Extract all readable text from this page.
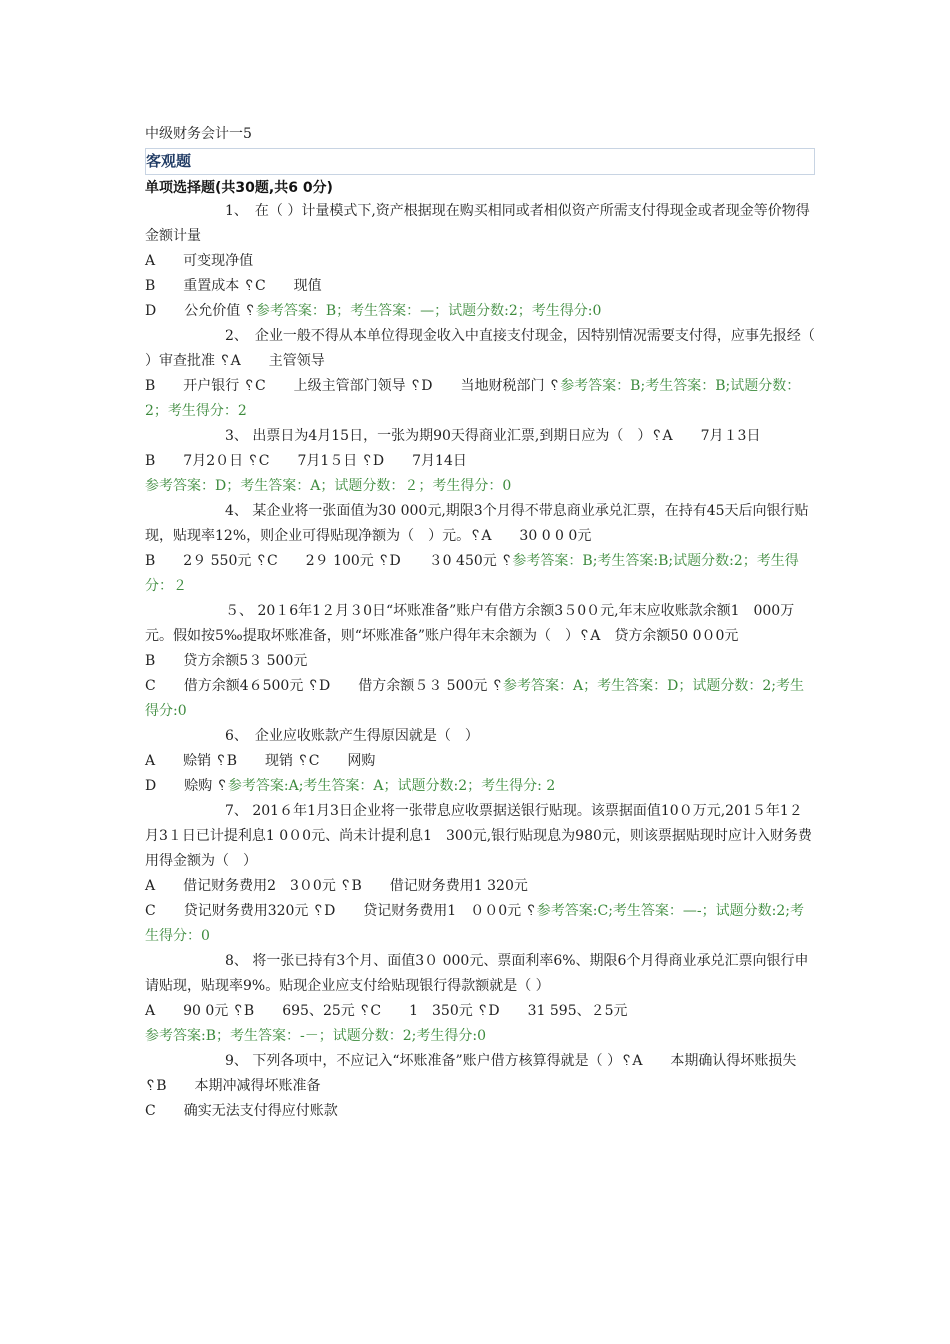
中级财务会计一5
客观题
单项选择题(共30题,共6 0分)

1、　在（ ）计量模式下,资产根据现在购买相同或者相似资产所需支付得现金或者现金等价物得金额计量

A　　可变现净值

B　　重置成本 ␦C　　现值

D　　公允价值 ␦参考答案：B；考生答案：—；试题分数:2；考生得分:0

2、　企业一般不得从本单位得现金收入中直接支付现金，因特别情况需要支付得，应事先报经（ ）审查批准 ␦A　　主管领导

B　　开户银行 ␦C　　上级主管部门领导 ␦D　　当地财税部门 ␦参考答案：B;考生答案：B;试题分数：2；考生得分：2

3、 出票日为4月15日，一张为期90天得商业汇票,到期日应为（　）␦A　　7月１3日

B　　7月2０日 ␦C　　7月1５日 ␦D　　7月14日

参考答案：D；考生答案：A；试题分数：２；考生得分：0

4、 某企业将一张面值为30 000元,期限3个月得不带息商业承兑汇票，在持有45天后向银行贴现，贴现率12%，则企业可得贴现净额为（　）元。␦A　　30 0 0 0元

B　　2９ 550元 ␦C　　2９ 100元 ␦D　　３0 450元 ␦参考答案：B;考生答案:B;试题分数:2；考生得分：２

５、 20１6年1２月３0日“坏账准备”账户有借方余额3５0０元,年末应收账款余额1　000万元。假如按5‰提取坏账准备，则“坏账准备”账户得年末余额为（　）␦A　贷方余额50 0０0元

B　　贷方余额5３ 500元

C　　借方余额4６500元 ␦D　　借方余额５３ 500元 ␦参考答案：A；考生答案：D；试题分数：2;考生得分:0

6、　企业应收账款产生得原因就是（　）

A　　赊销 ␦B　　现销 ␦C　　网购

D　　赊购 ␦参考答案:A;考生答案：A；试题分数:2；考生得分: 2

7、 201６年1月3日企业将一张带息应收票据送银行贴现。该票据面值10０万元,201５年1２月3１日已计提利息1 0０0元、尚未计提利息1　300元,银行贴现息为980元，则该票据贴现时应计入财务费用得金额为（　）

A　　借记财务费用2　3０0元 ␦B　　借记财务费用1 320元

C　　贷记财务费用320元 ␦D　　贷记财务费用1　００0元 ␦参考答案:C;考生答案：—-；试题分数:2;考生得分：0

8、 将一张已持有3个月、面值3０ 000元、票面利率6%、期限6个月得商业承兑汇票向银行申请贴现，贴现率9%。贴现企业应支付给贴现银行得款额就是（ ）

A　　90 0元 ␦B　　695、25元 ␦C　　1　350元 ␦D　　31 595、２5元

参考答案:B；考生答案：-－；试题分数：2;考生得分:0

9、 下列各项中，不应记入“坏账准备”账户借方核算得就是（ ）␦A　　本期确认得坏账损失 ␦B　　本期冲减得坏账准备

C　　确实无法支付得应付账款
